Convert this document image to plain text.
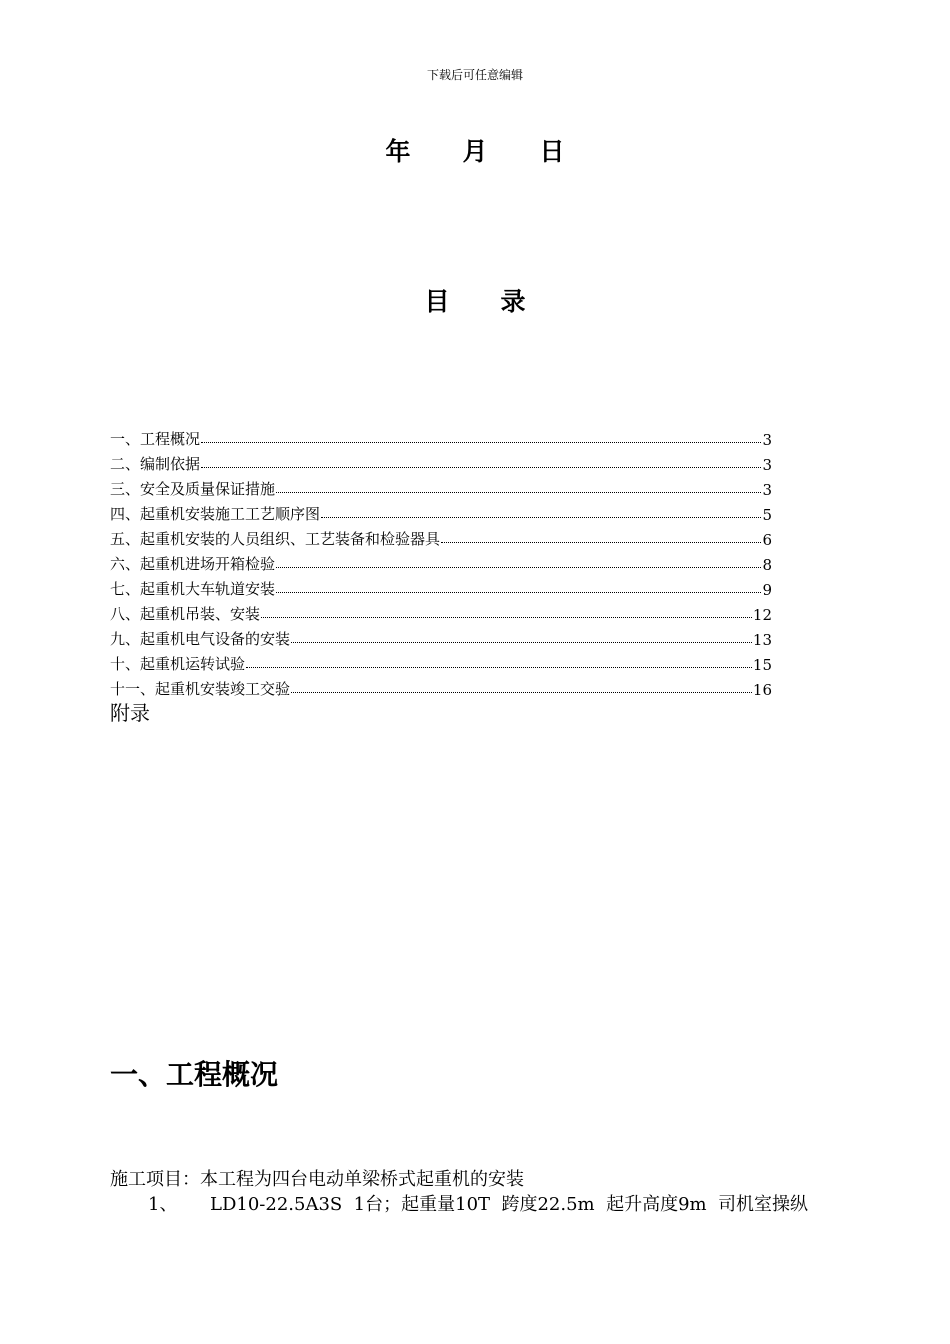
下载后可任意编辑
年	月	日
目	录
一、工程概况	3
二、编制依据	3
三、安全及质量保证措施	3
四、起重机安装施工工艺顺序图	5
五、起重机安装的人员组织、工艺装备和检验器具	6
六、起重机进场开箱检验	8
七、起重机大车轨道安装	9
八、起重机吊装、安装	12
九、起重机电气设备的安装	13
十、起重机运转试验	15
十一、起重机安装竣工交验	16
附录
一、工程概况
施工项目：本工程为四台电动单梁桥式起重机的安装
1、 LD10-22.5A3S  1台；起重量10T  跨度22.5m  起升高度9m  司机室操纵
